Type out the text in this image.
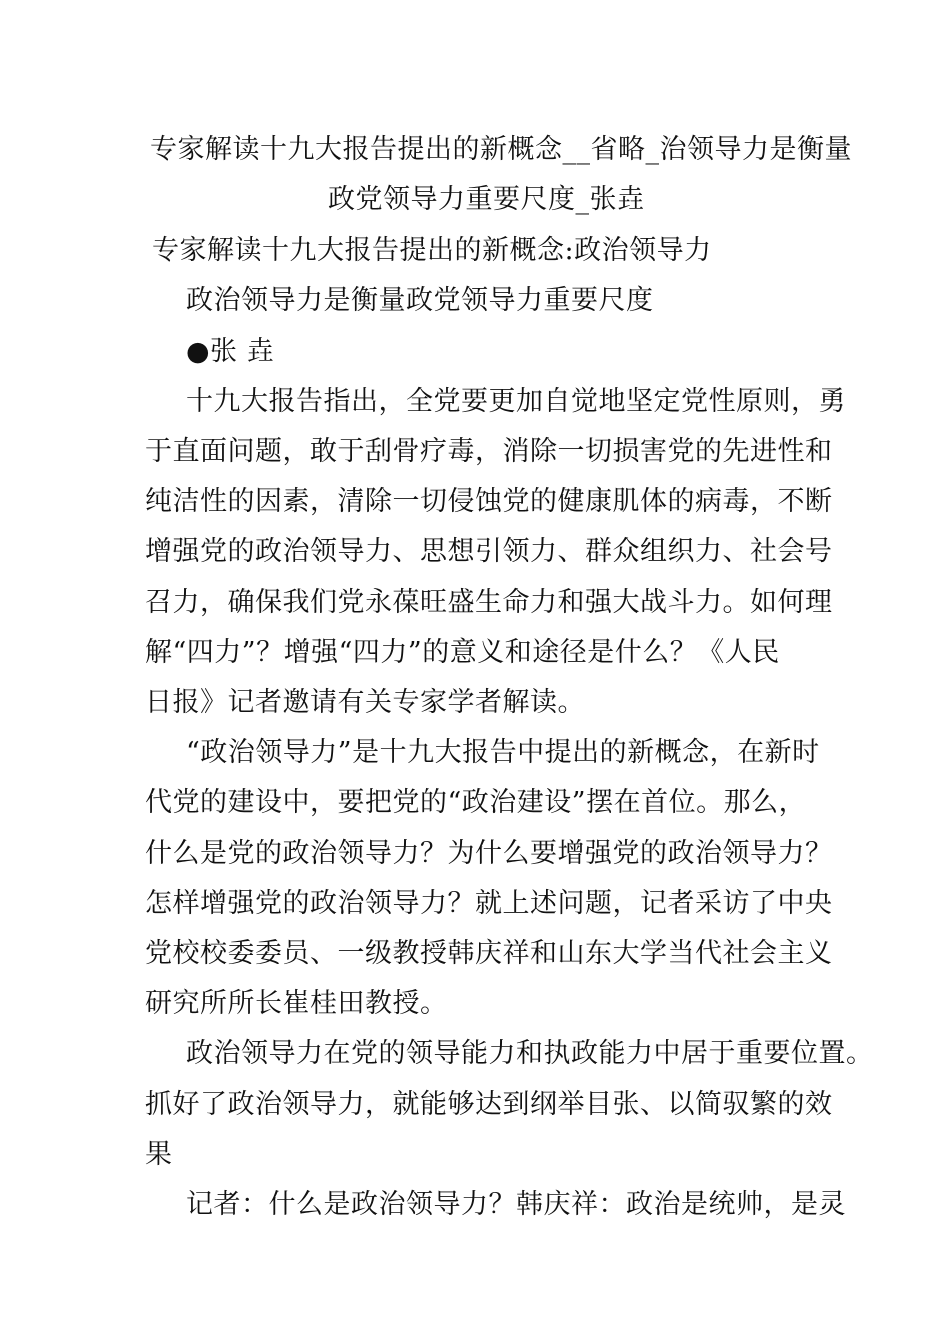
专家解读十九大报告提出的新概念__省略_治领导力是衡量
政党领导力重要尺度_张垚
专家解读十九大报告提出的新概念:政治领导力
政治领导力是衡量政党领导力重要尺度
●张 垚
十九大报告指出，全党要更加自觉地坚定党性原则，勇
于直面问题，敢于刮骨疗毒，消除一切损害党的先进性和
纯洁性的因素，清除一切侵蚀党的健康肌体的病毒，不断
增强党的政治领导力、思想引领力、群众组织力、社会号
召力，确保我们党永葆旺盛生命力和强大战斗力。如何理
解“四力”？增强“四力”的意义和途径是什么？《人民
日报》记者邀请有关专家学者解读。
“政治领导力”是十九大报告中提出的新概念，在新时
代党的建设中，要把党的“政治建设”摆在首位。那么，
什么是党的政治领导力？为什么要增强党的政治领导力？
怎样增强党的政治领导力？就上述问题，记者采访了中央
党校校委委员、一级教授韩庆祥和山东大学当代社会主义
研究所所长崔桂田教授。
政治领导力在党的领导能力和执政能力中居于重要位置。
抓好了政治领导力，就能够达到纲举目张、以简驭繁的效
果
记者：什么是政治领导力？韩庆祥：政治是统帅，是灵
